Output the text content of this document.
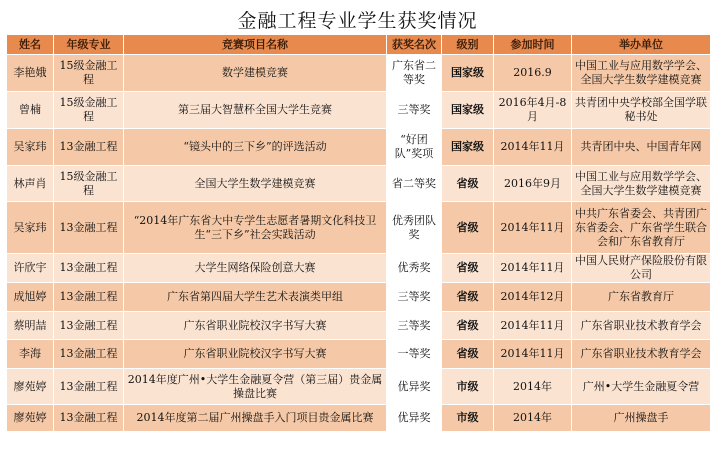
金融工程专业学生获奖情况
姓名	年级专业	竞赛项目名称	获奖名次	级别	参加时间	举办单位
李艳娥	15级金融工程	数学建模竞赛	广东省二等奖	国家级	2016.9	中国工业与应用数学学会、全国大学生数学建模竞赛
曾楠	15级金融工程	第三届大智慧杯全国大学生竞赛	三等奖	国家级	2016年4月-8月	共青团中央学校部全国学联秘书处
吴家玮	13金融工程	“镜头中的三下乡”的评选活动	“好团队”奖项	国家级	2014年11月	共青团中央、中国青年网
林声肖	15级金融工程	全国大学生数学建模竞赛	省二等奖	省级	2016年9月	中国工业与应用数学学会、全国大学生数学建模竞赛
吴家玮	13金融工程	“2014年广东省大中专学生志愿者暑期文化科技卫生“三下乡”社会实践活动	优秀团队奖	省级	2014年11月	中共广东省委会、共青团广东省委会、广东省学生联合会和广东省教育厅
许欣宇	13金融工程	大学生网络保险创意大赛	优秀奖	省级	2014年11月	中国人民财产保险股份有限公司
成旭婷	13金融工程	广东省第四届大学生艺术表演类甲组	三等奖	省级	2014年12月	广东省教育厅
蔡明喆	13金融工程	广东省职业院校汉字书写大赛	三等奖	省级	2014年11月	广东省职业技术教育学会
李海	13金融工程	广东省职业院校汉字书写大赛	一等奖	省级	2014年11月	广东省职业技术教育学会
廖苑婷	13金融工程	2014年度广州•大学生金融夏令营（第三届）贵金属操盘比赛	优异奖	市级	2014年	广州•大学生金融夏令营
廖苑婷	13金融工程	2014年度第二届广州操盘手入门项目贵金属比赛	优异奖	市级	2014年	广州操盘手
